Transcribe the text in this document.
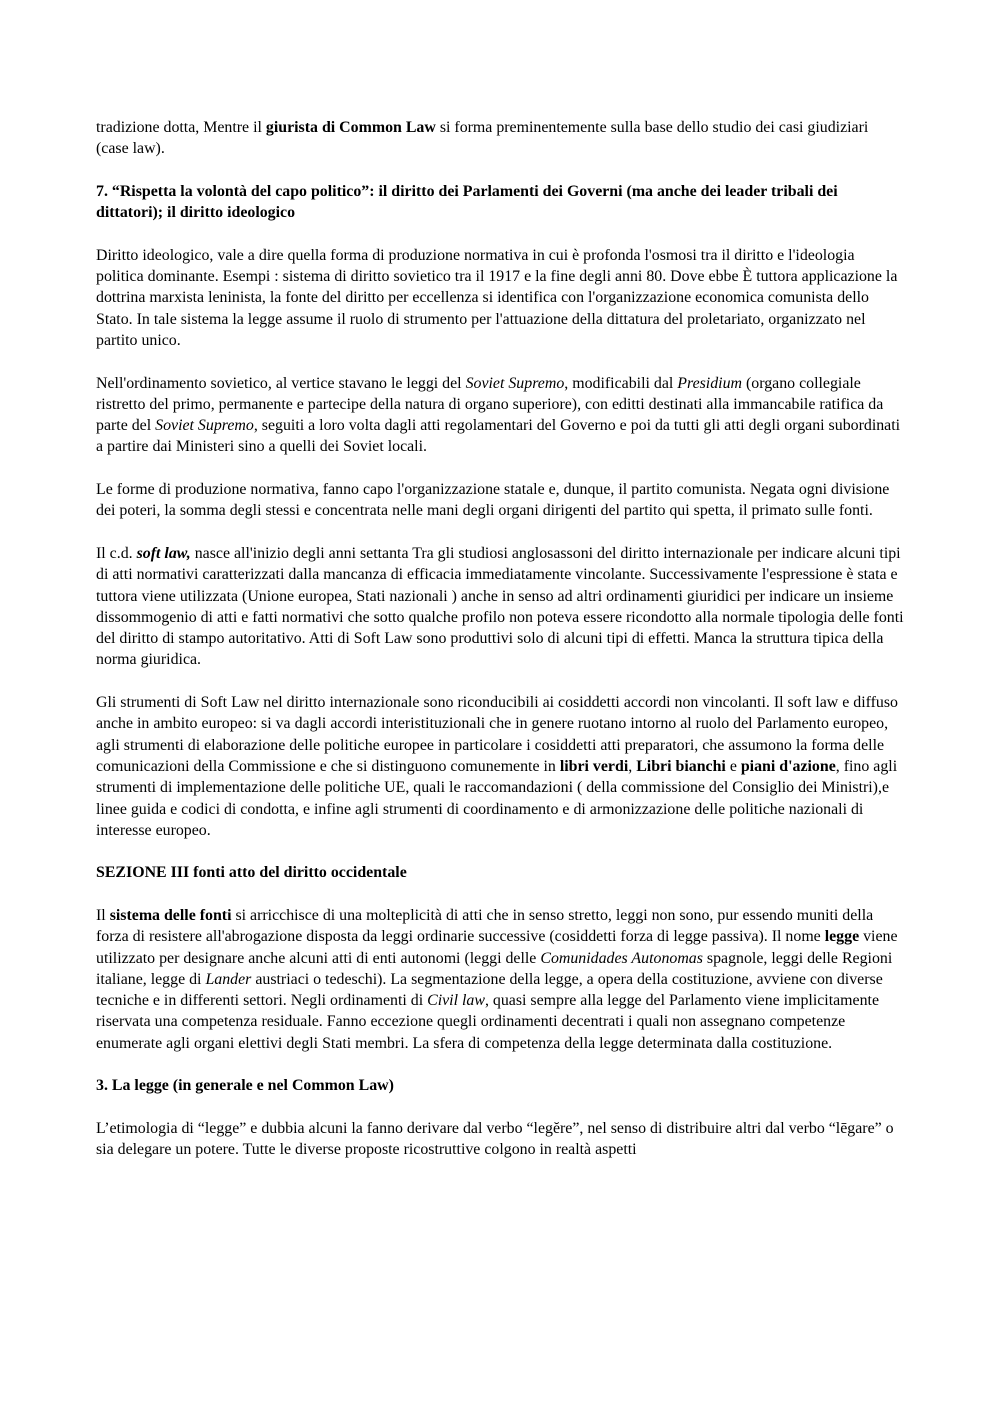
tradizione dotta, Mentre il giurista di Common Law si forma preminentemente sulla base dello studio dei casi giudiziari (case law).

7. “Rispetta la volontà del capo politico”: il diritto dei Parlamenti dei Governi (ma anche dei leader tribali dei dittatori); il diritto ideologico

Diritto ideologico, vale a dire quella forma di produzione normativa in cui è profonda l'osmosi tra il diritto e l'ideologia politica dominante. Esempi : sistema di diritto sovietico tra il 1917 e la fine degli anni 80. Dove ebbe È tuttora applicazione la dottrina marxista leninista, la fonte del diritto per eccellenza si identifica con l'organizzazione economica comunista dello Stato. In tale sistema la legge assume il ruolo di strumento per l'attuazione della dittatura del proletariato, organizzato nel partito unico.

Nell'ordinamento sovietico, al vertice stavano le leggi del Soviet Supremo, modificabili dal Presidium (organo collegiale ristretto del primo, permanente e partecipe della natura di organo superiore), con editti destinati alla immancabile ratifica da parte del Soviet Supremo, seguiti a loro volta dagli atti regolamentari del Governo e poi da tutti gli atti degli organi subordinati a partire dai Ministeri sino a quelli dei Soviet locali.

Le forme di produzione normativa, fanno capo l'organizzazione statale e, dunque, il partito comunista. Negata ogni divisione dei poteri, la somma degli stessi e concentrata nelle mani degli organi dirigenti del partito qui spetta, il primato sulle fonti.

Il c.d. soft law, nasce all'inizio degli anni settanta Tra gli studiosi anglosassoni del diritto internazionale per indicare alcuni tipi di atti normativi caratterizzati dalla mancanza di efficacia immediatamente vincolante. Successivamente l'espressione è stata e tuttora viene utilizzata (Unione europea, Stati nazionali ) anche in senso ad altri ordinamenti giuridici per indicare un insieme dissommogenio di atti e fatti normativi che sotto qualche profilo non poteva essere ricondotto alla normale tipologia delle fonti del diritto di stampo autoritativo. Atti di Soft Law sono produttivi solo di alcuni tipi di effetti. Manca la struttura tipica della norma giuridica.

Gli strumenti di Soft Law nel diritto internazionale sono riconducibili ai cosiddetti accordi non vincolanti. Il soft law e diffuso anche in ambito europeo: si va dagli accordi interistituzionali che in genere ruotano intorno al ruolo del Parlamento europeo, agli strumenti di elaborazione delle politiche europee in particolare i cosiddetti atti preparatori, che assumono la forma delle comunicazioni della Commissione e che si distinguono comunemente in libri verdi, Libri bianchi e piani d'azione, fino agli strumenti di implementazione delle politiche UE, quali le raccomandazioni ( della commissione del Consiglio dei Ministri),e linee guida e codici di condotta, e infine agli strumenti di coordinamento e di armonizzazione delle politiche nazionali di interesse europeo.

SEZIONE III fonti atto del diritto occidentale

Il sistema delle fonti si arricchisce di una molteplicità di atti che in senso stretto, leggi non sono, pur essendo muniti della forza di resistere all'abrogazione disposta da leggi ordinarie successive (cosiddetti forza di legge passiva). Il nome legge viene utilizzato per designare anche alcuni atti di enti autonomi (leggi delle Comunidades Autonomas spagnole, leggi delle Regioni italiane, legge di Lander austriaci o tedeschi). La segmentazione della legge, a opera della costituzione, avviene con diverse tecniche e in differenti settori. Negli ordinamenti di Civil law, quasi sempre alla legge del Parlamento viene implicitamente riservata una competenza residuale. Fanno eccezione quegli ordinamenti decentrati i quali non assegnano competenze enumerate agli organi elettivi degli Stati membri. La sfera di competenza della legge determinata dalla costituzione.

3. La legge (in generale e nel Common Law)

L’etimologia di “legge” e dubbia alcuni la fanno derivare dal verbo “legĕre”, nel senso di distribuire altri dal verbo “lēgare” o sia delegare un potere. Tutte le diverse proposte ricostruttive colgono in realtà aspetti
